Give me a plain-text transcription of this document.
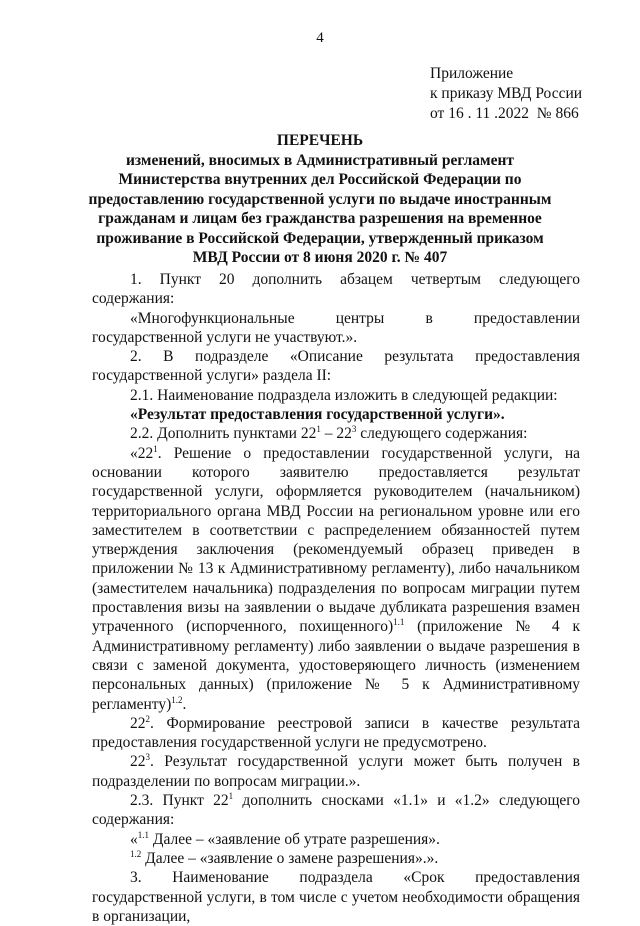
4
Приложение
к приказу МВД России
от 16 . 11 .2022 № 866
ПЕРЕЧЕНЬ
изменений, вносимых в Административный регламент Министерства внутренних дел Российской Федерации по предоставлению государственной услуги по выдаче иностранным гражданам и лицам без гражданства разрешения на временное проживание в Российской Федерации, утвержденный приказом МВД России от 8 июня 2020 г. № 407

1. Пункт 20 дополнить абзацем четвертым следующего содержания:

«Многофункциональные центры в предоставлении государственной услуги не участвуют.».

2. В подразделе «Описание результата предоставления государственной услуги» раздела II:

2.1. Наименование подраздела изложить в следующей редакции:

«Результат предоставления государственной услуги».

2.2. Дополнить пунктами $22^1 - 22^3$ следующего содержания:

«$22^1$. Решение о предоставлении государственной услуги, на основании которого заявителю предоставляется результат государственной услуги, оформляется руководителем (начальником) территориального органа МВД России на региональном уровне или его заместителем в соответствии с распределением обязанностей путем утверждения заключения (рекомендуемый образец приведен в приложении № 13 к Административному регламенту), либо начальником (заместителем начальника) подразделения по вопросам миграции путем проставления визы на заявлении о выдаче дубликата разрешения взамен утраченного (испорченного, похищенного)$^{1.1}$ (приложение № 4 к Административному регламенту) либо заявлении о выдаче разрешения в связи с заменой документа, удостоверяющего личность (изменением персональных данных) (приложение № 5 к Административному регламенту)$^{1.2}$.

$22^2$. Формирование реестровой записи в качестве результата предоставления государственной услуги не предусмотрено.

$22^3$. Результат государственной услуги может быть получен в подразделении по вопросам миграции.».

2.3. Пункт $22^1$ дополнить сносками «1.1» и «1.2» следующего содержания:

«$^{1.1}$ Далее – «заявление об утрате разрешения».

$^{1.2}$ Далее – «заявление о замене разрешения».».

3. Наименование подраздела «Срок предоставления государственной услуги, в том числе с учетом необходимости обращения в организации,
